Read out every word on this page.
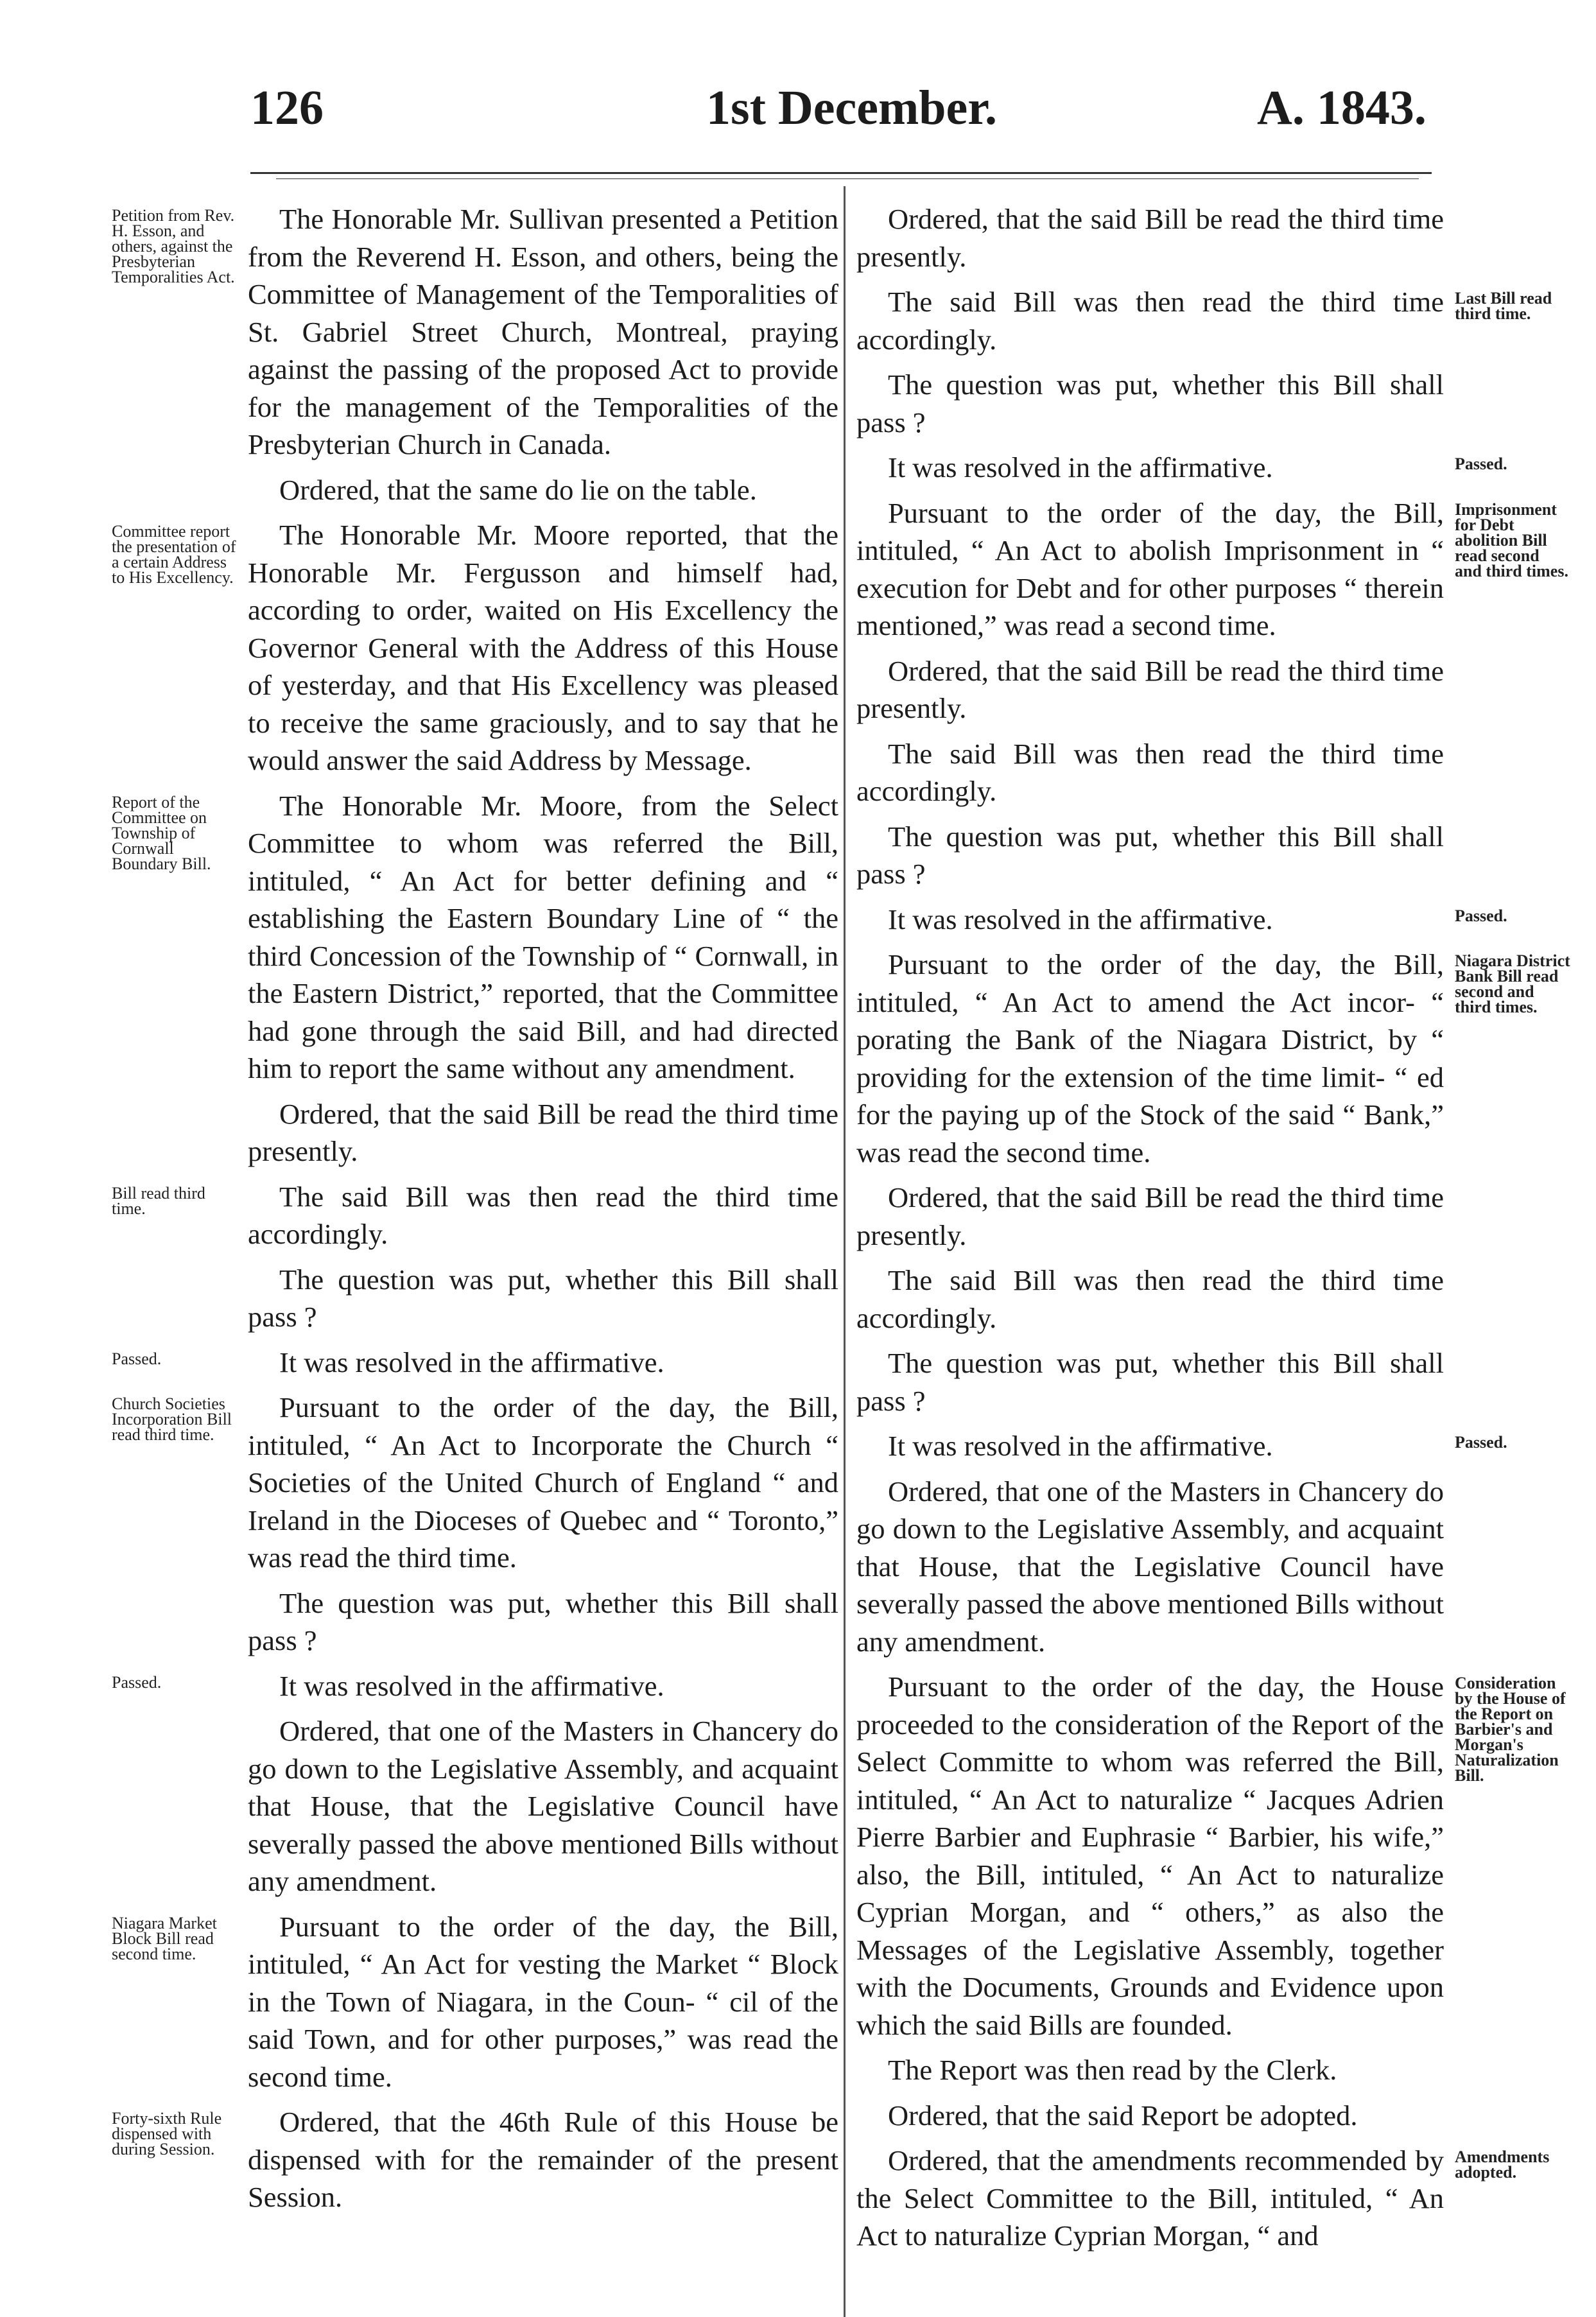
126	1st December.	A. 1843.

Petition from Rev. H. Esson, and others, against the Presbyterian Temporalities Act.
The Honorable Mr. Sullivan presented a Petition from the Reverend H. Esson, and others, being the Committee of Management of the Temporalities of St. Gabriel Street Church, Montreal, praying against the passing of the proposed Act to provide for the management of the Temporalities of the Presbyterian Church in Canada.
Ordered, that the same do lie on the table.
Committee report the presentation of a certain Address to His Excellency.
The Honorable Mr. Moore reported, that the Honorable Mr. Fergusson and himself had, according to order, waited on His Excellency the Governor General with the Address of this House of yesterday, and that His Excellency was pleased to receive the same graciously, and to say that he would answer the said Address by Message.
Report of the Committee on Township of Cornwall Boundary Bill.
The Honorable Mr. Moore, from the Select Committee to whom was referred the Bill, intituled, “ An Act for better defining and “ establishing the Eastern Boundary Line of “ the third Concession of the Township of “ Cornwall, in the Eastern District,” reported, that the Committee had gone through the said Bill, and had directed him to report the same without any amendment.
Ordered, that the said Bill be read the third time presently.
Bill read third time.	The said Bill was then read the third time accordingly.
The question was put, whether this Bill shall pass ?
Passed.	It was resolved in the affirmative.
Church Societies Incorporation Bill read third time.
Pursuant to the order of the day, the Bill, intituled, “ An Act to Incorporate the Church “ Societies of the United Church of England “ and Ireland in the Dioceses of Quebec and “ Toronto,” was read the third time.
The question was put, whether this Bill shall pass ?
Passed.	It was resolved in the affirmative.
Ordered, that one of the Masters in Chancery do go down to the Legislative Assembly, and acquaint that House, that the Legislative Council have severally passed the above mentioned Bills without any amendment.
Niagara Market Block Bill read second time.
Pursuant to the order of the day, the Bill, intituled, “ An Act for vesting the Market “ Block in the Town of Niagara, in the Coun- “ cil of the said Town, and for other purposes,” was read the second time.
Forty-sixth Rule dispensed with during Session.
Ordered, that the 46th Rule of this House be dispensed with for the remainder of the present Session.
Ordered, that the said Bill be read the third time presently.
Last Bill read third time.
The said Bill was then read the third time accordingly.
The question was put, whether this Bill shall pass ?
Passed.
It was resolved in the affirmative.
Imprisonment for Debt abolition Bill read second and third times.
Pursuant to the order of the day, the Bill, intituled, “ An Act to abolish Imprisonment in “ execution for Debt and for other purposes “ therein mentioned,” was read a second time.
Ordered, that the said Bill be read the third time presently.
The said Bill was then read the third time accordingly.
The question was put, whether this Bill shall pass ?
Passed.
It was resolved in the affirmative.
Niagara District Bank Bill read second and third times.
Pursuant to the order of the day, the Bill, intituled, “ An Act to amend the Act incor- “ porating the Bank of the Niagara District, by “ providing for the extension of the time limit- “ ed for the paying up of the Stock of the said “ Bank,” was read the second time.
Ordered, that the said Bill be read the third time presently.
The said Bill was then read the third time accordingly.
The question was put, whether this Bill shall pass ?
Passed.
It was resolved in the affirmative.
Ordered, that one of the Masters in Chancery do go down to the Legislative Assembly, and acquaint that House, that the Legislative Council have severally passed the above mentioned Bills without any amendment.
Consideration by the House of the Report on Barbier's and Morgan's Naturalization Bill.
Pursuant to the order of the day, the House proceeded to the consideration of the Report of the Select Committe to whom was referred the Bill, intituled, “ An Act to naturalize “ Jacques Adrien Pierre Barbier and Euphrasie “ Barbier, his wife,” also, the Bill, intituled, “ An Act to naturalize Cyprian Morgan, and “ others,” as also the Messages of the Legislative Assembly, together with the Documents, Grounds and Evidence upon which the said Bills are founded.
The Report was then read by the Clerk.
Ordered, that the said Report be adopted.
Amendments adopted.
Ordered, that the amendments recommended by the Select Committee to the Bill, intituled, “ An Act to naturalize Cyprian Morgan, “ and
